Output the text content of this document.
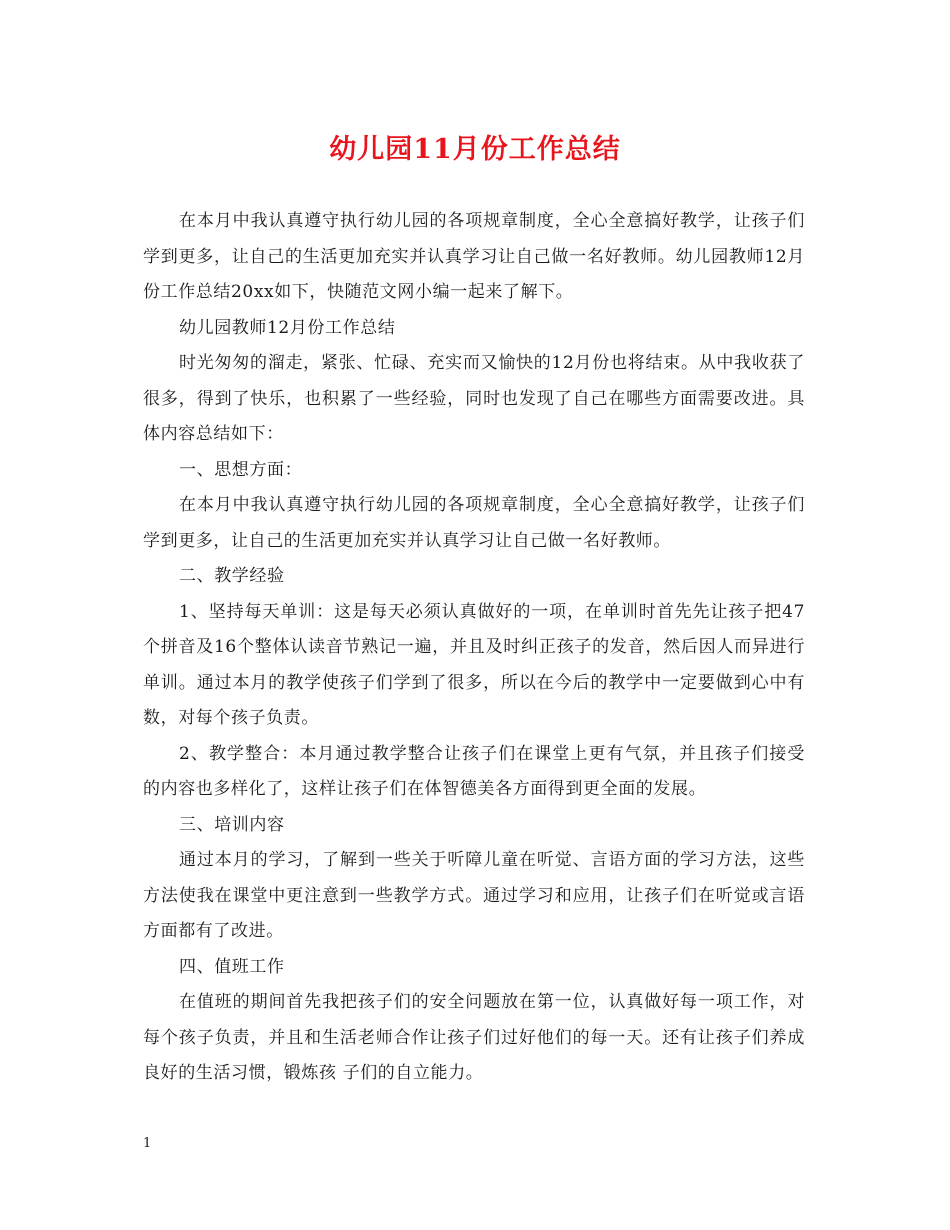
幼儿园11月份工作总结

在本月中我认真遵守执行幼儿园的各项规章制度，全心全意搞好教学，让孩子们学到更多，让自己的生活更加充实并认真学习让自己做一名好教师。幼儿园教师12月份工作总结20xx如下，快随范文网小编一起来了解下。

幼儿园教师12月份工作总结

时光匆匆的溜走，紧张、忙碌、充实而又愉快的12月份也将结束。从中我收获了很多，得到了快乐，也积累了一些经验，同时也发现了自己在哪些方面需要改进。具体内容总结如下：

一、思想方面：

在本月中我认真遵守执行幼儿园的各项规章制度，全心全意搞好教学，让孩子们学到更多，让自己的生活更加充实并认真学习让自己做一名好教师。

二、教学经验

1、坚持每天单训：这是每天必须认真做好的一项，在单训时首先先让孩子把47个拼音及16个整体认读音节熟记一遍，并且及时纠正孩子的发音，然后因人而异进行单训。通过本月的教学使孩子们学到了很多，所以在今后的教学中一定要做到心中有数，对每个孩子负责。

2、教学整合：本月通过教学整合让孩子们在课堂上更有气氛，并且孩子们接受的内容也多样化了，这样让孩子们在体智德美各方面得到更全面的发展。

三、培训内容

通过本月的学习，了解到一些关于听障儿童在听觉、言语方面的学习方法，这些方法使我在课堂中更注意到一些教学方式。通过学习和应用，让孩子们在听觉或言语方面都有了改进。

四、值班工作

在值班的期间首先我把孩子们的安全问题放在第一位，认真做好每一项工作，对每个孩子负责，并且和生活老师合作让孩子们过好他们的每一天。还有让孩子们养成良好的生活习惯，锻炼孩 子们的自立能力。

1
